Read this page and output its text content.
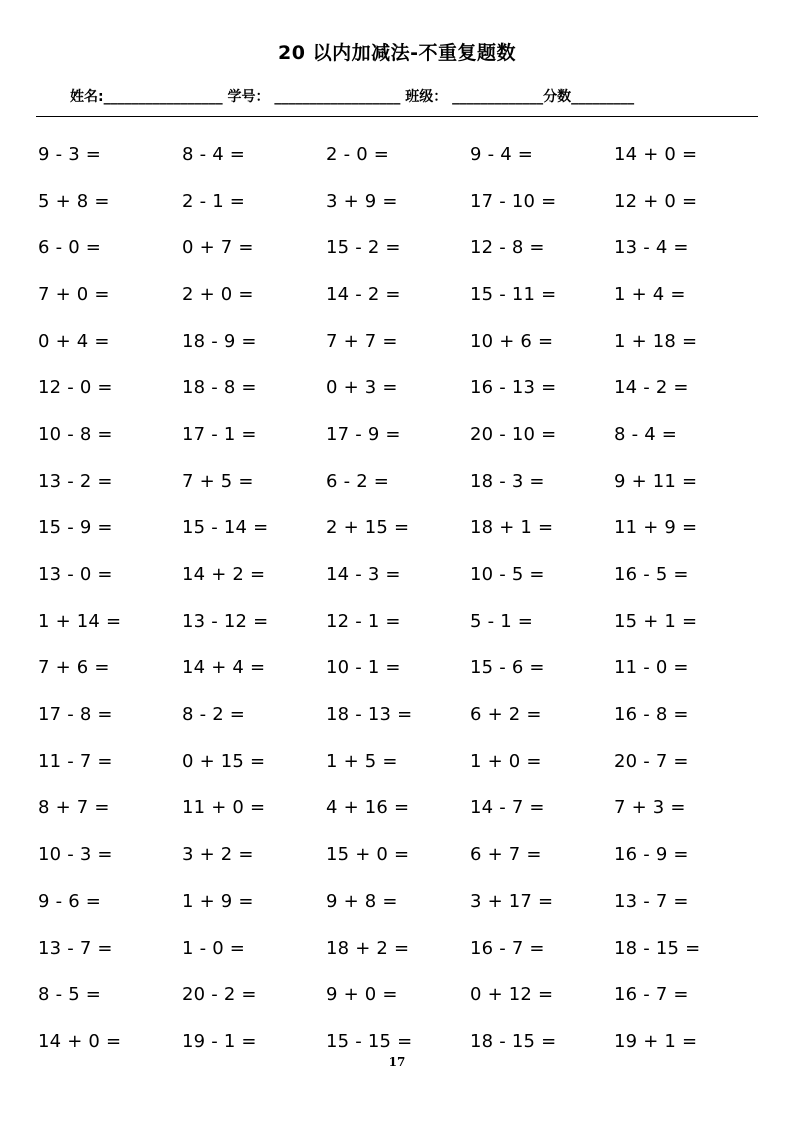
20 以内加减法-不重复题数
姓名:_________________ 学号： __________________ 班级： _____________分数_________
9 - 3 =	8 - 4 =	2 - 0 =	9 - 4 =	14 + 0 =
5 + 8 =	2 - 1 =	3 + 9 =	17 - 10 =	12 + 0 =
6 - 0 =	0 + 7 =	15 - 2 =	12 - 8 =	13 - 4 =
7 + 0 =	2 + 0 =	14 - 2 =	15 - 11 =	1 + 4 =
0 + 4 =	18 - 9 =	7 + 7 =	10 + 6 =	1 + 18 =
12 - 0 =	18 - 8 =	0 + 3 =	16 - 13 =	14 - 2 =
10 - 8 =	17 - 1 =	17 - 9 =	20 - 10 =	8 - 4 =
13 - 2 =	7 + 5 =	6 - 2 =	18 - 3 =	9 + 11 =
15 - 9 =	15 - 14 =	2 + 15 =	18 + 1 =	11 + 9 =
13 - 0 =	14 + 2 =	14 - 3 =	10 - 5 =	16 - 5 =
1 + 14 =	13 - 12 =	12 - 1 =	5 - 1 =	15 + 1 =
7 + 6 =	14 + 4 =	10 - 1 =	15 - 6 =	11 - 0 =
17 - 8 =	8 - 2 =	18 - 13 =	6 + 2 =	16 - 8 =
11 - 7 =	0 + 15 =	1 + 5 =	1 + 0 =	20 - 7 =
8 + 7 =	11 + 0 =	4 + 16 =	14 - 7 =	7 + 3 =
10 - 3 =	3 + 2 =	15 + 0 =	6 + 7 =	16 - 9 =
9 - 6 =	1 + 9 =	9 + 8 =	3 + 17 =	13 - 7 =
13 - 7 =	1 - 0 =	18 + 2 =	16 - 7 =	18 - 15 =
8 - 5 =	20 - 2 =	9 + 0 =	0 + 12 =	16 - 7 =
14 + 0 =	19 - 1 =	15 - 15 =	18 - 15 =	19 + 1 =
17
